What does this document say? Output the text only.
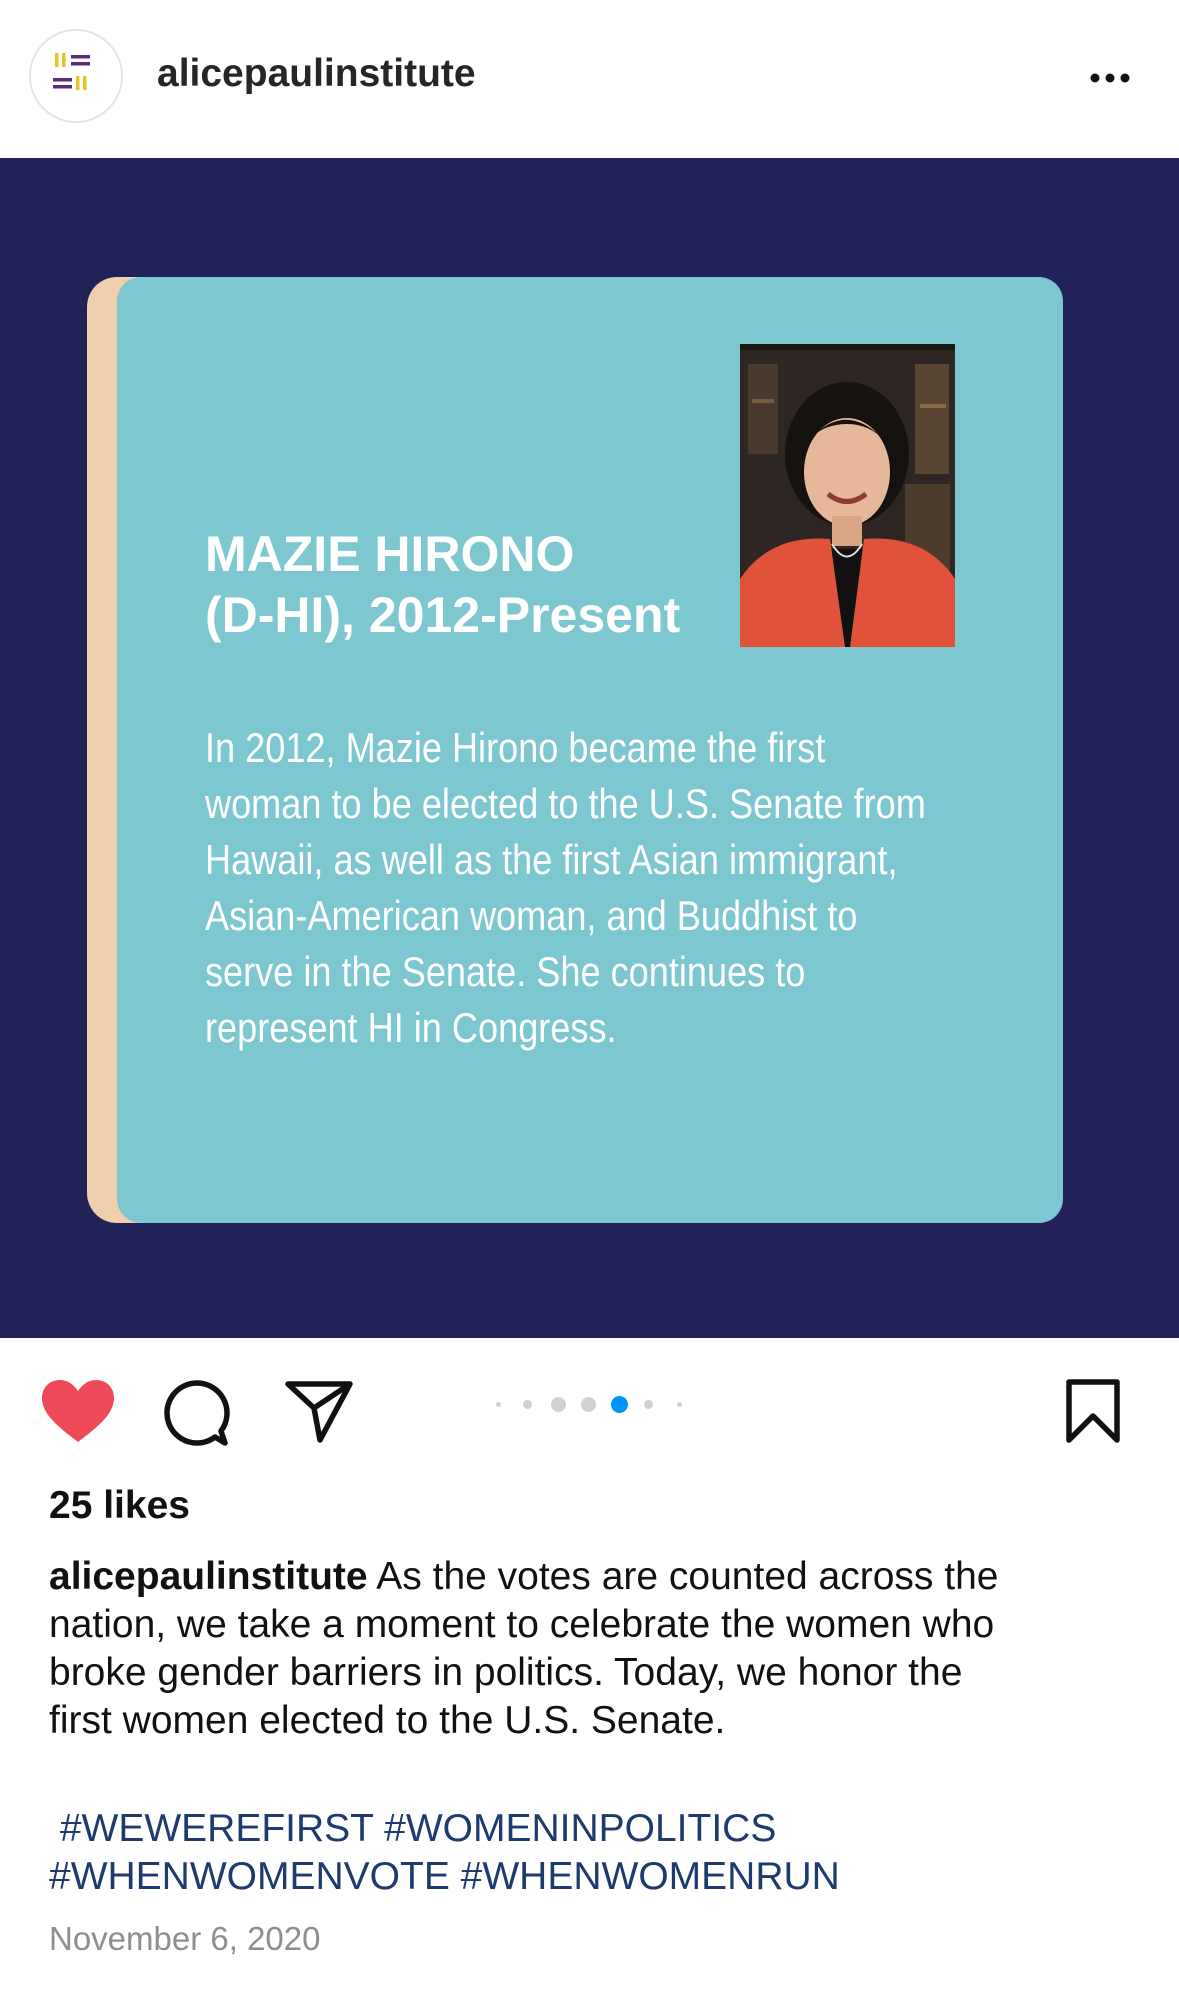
alicepaulinstitute
MAZIE HIRONO
(D-HI), 2012-Present
In 2012, Mazie Hirono became the first
woman to be elected to the U.S. Senate from
Hawaii, as well as the first Asian immigrant,
Asian-American woman, and Buddhist to
serve in the Senate. She continues to
represent HI in Congress.
25 likes
alicepaulinstitute As the votes are counted across the
nation, we take a moment to celebrate the women who
broke gender barriers in politics. Today, we honor the
first women elected to the U.S. Senate.
#WEWEREFIRST #WOMENINPOLITICS
#WHENWOMENVOTE #WHENWOMENRUN
November 6, 2020
